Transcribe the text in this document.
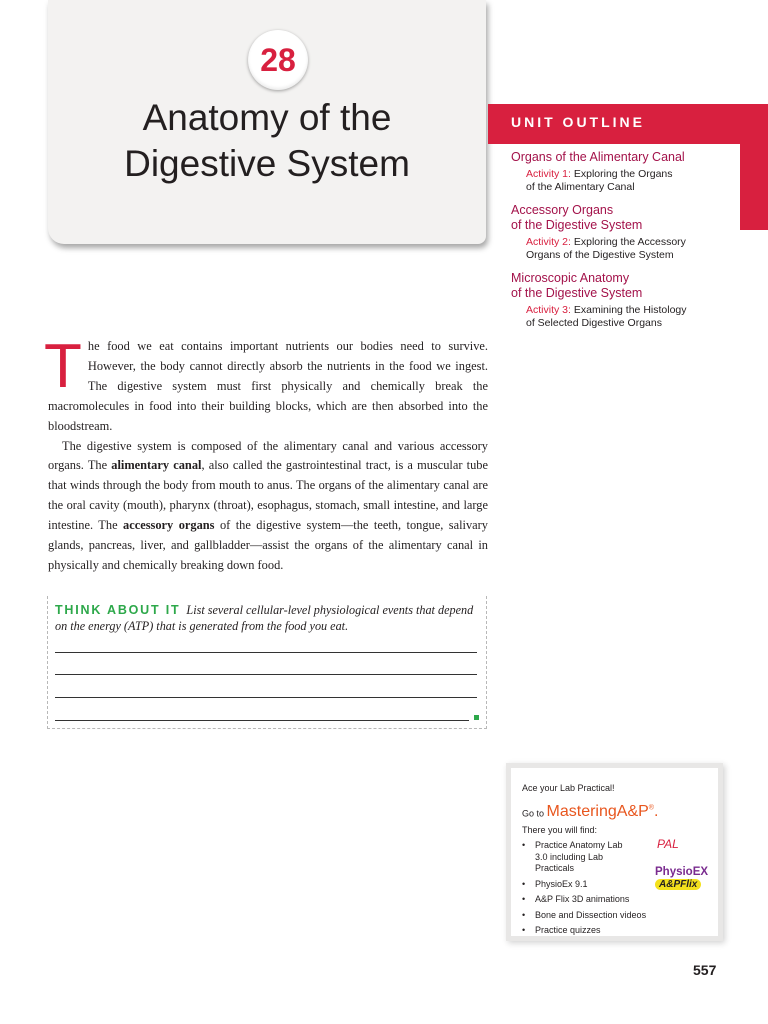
28
Anatomy of the
Digestive System
UNIT OUTLINE
Organs of the Alimentary Canal
Activity 1: Exploring the Organs
of the Alimentary Canal
Accessory Organs
of the Digestive System
Activity 2: Exploring the Accessory
Organs of the Digestive System
Microscopic Anatomy
of the Digestive System
Activity 3: Examining the Histology
of Selected Digestive Organs

The food we eat contains important nutrients our bodies need to survive. However, the body cannot directly absorb the nutrients in the food we ingest. The digestive system must first physically and chemically break the macromolecules in food into their building blocks, which are then absorbed into the bloodstream.

The digestive system is composed of the alimentary canal and various accessory organs. The alimentary canal, also called the gastrointestinal tract, is a muscular tube that winds through the body from mouth to anus. The organs of the alimentary canal are the oral cavity (mouth), pharynx (throat), esophagus, stomach, small intestine, and large intestine. The accessory organs of the digestive system—the teeth, tongue, salivary glands, pancreas, liver, and gallbladder—assist the organs of the alimentary canal in physically and chemically breaking down food.

THINK ABOUT IT List several cellular-level physiological events that depend on the energy (ATP) that is generated from the food you eat.
Ace your Lab Practical!
Go to MasteringA&P®.
There you will find:
• Practice Anatomy Lab 3.0 including Lab Practicals
• PhysioEx 9.1
• A&P Flix 3D animations
• Bone and Dissection videos
• Practice quizzes
PAL
PhysioEX
A&PFlix
557
